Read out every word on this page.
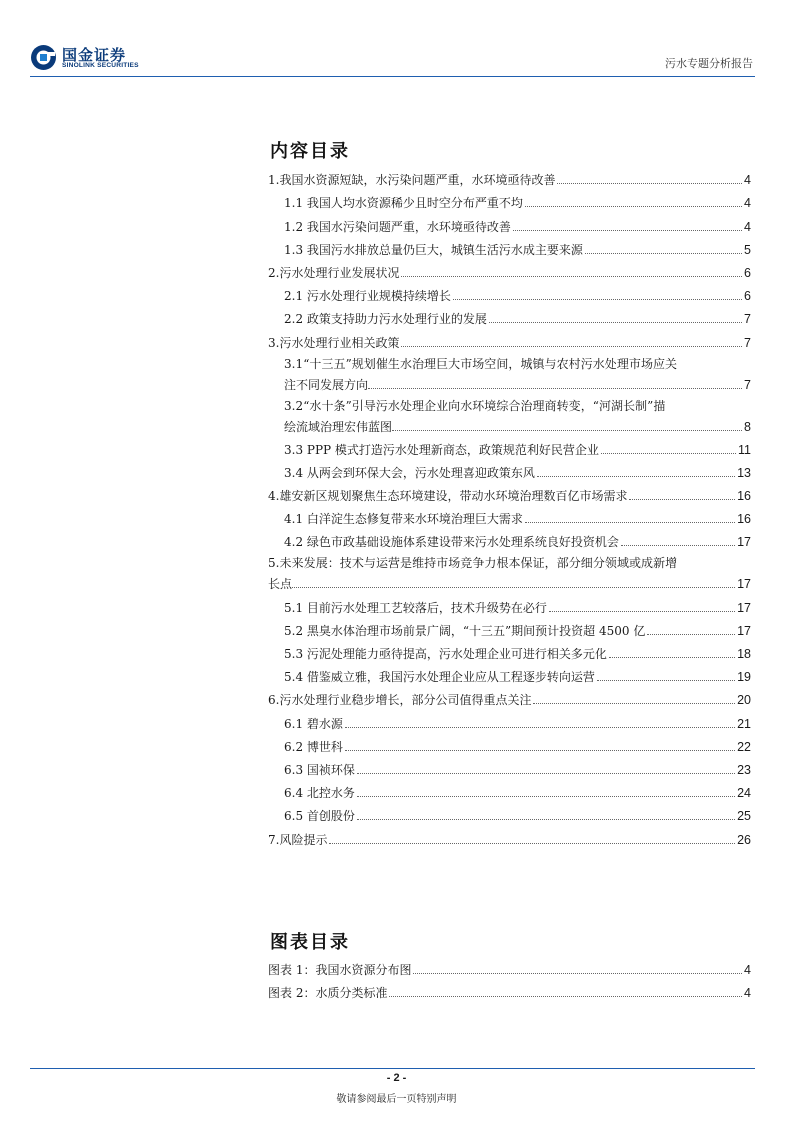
国金证券
SINOLINK SECURITIES	污水专题分析报告
内容目录
1.我国水资源短缺，水污染问题严重，水环境亟待改善	4
1.1 我国人均水资源稀少且时空分布严重不均	4
1.2 我国水污染问题严重，水环境亟待改善	4
1.3 我国污水排放总量仍巨大，城镇生活污水成主要来源	5
2.污水处理行业发展状况	6
2.1 污水处理行业规模持续增长	6
2.2 政策支持助力污水处理行业的发展	7
3.污水处理行业相关政策	7
3.1“十三五”规划催生水治理巨大市场空间，城镇与农村污水处理市场应关
注不同发展方向	7
3.2“水十条”引导污水处理企业向水环境综合治理商转变，“河湖长制”描
绘流域治理宏伟蓝图	8
3.3 PPP 模式打造污水处理新商态，政策规范利好民营企业	11
3.4 从两会到环保大会，污水处理喜迎政策东风	13
4.雄安新区规划聚焦生态环境建设，带动水环境治理数百亿市场需求	16
4.1 白洋淀生态修复带来水环境治理巨大需求	16
4.2 绿色市政基础设施体系建设带来污水处理系统良好投资机会	17
5.未来发展：技术与运营是维持市场竞争力根本保证，部分细分领域或成新增
长点	17
5.1 目前污水处理工艺较落后，技术升级势在必行	17
5.2 黑臭水体治理市场前景广阔，“十三五”期间预计投资超 4500 亿	17
5.3 污泥处理能力亟待提高，污水处理企业可进行相关多元化	18
5.4 借鉴威立雅，我国污水处理企业应从工程逐步转向运营	19
6.污水处理行业稳步增长，部分公司值得重点关注	20
6.1 碧水源	21
6.2 博世科	22
6.3 国祯环保	23
6.4 北控水务	24
6.5 首创股份	25
7.风险提示	26
图表目录
图表 1：我国水资源分布图	4
图表 2：水质分类标准	4
- 2 -
敬请参阅最后一页特别声明
